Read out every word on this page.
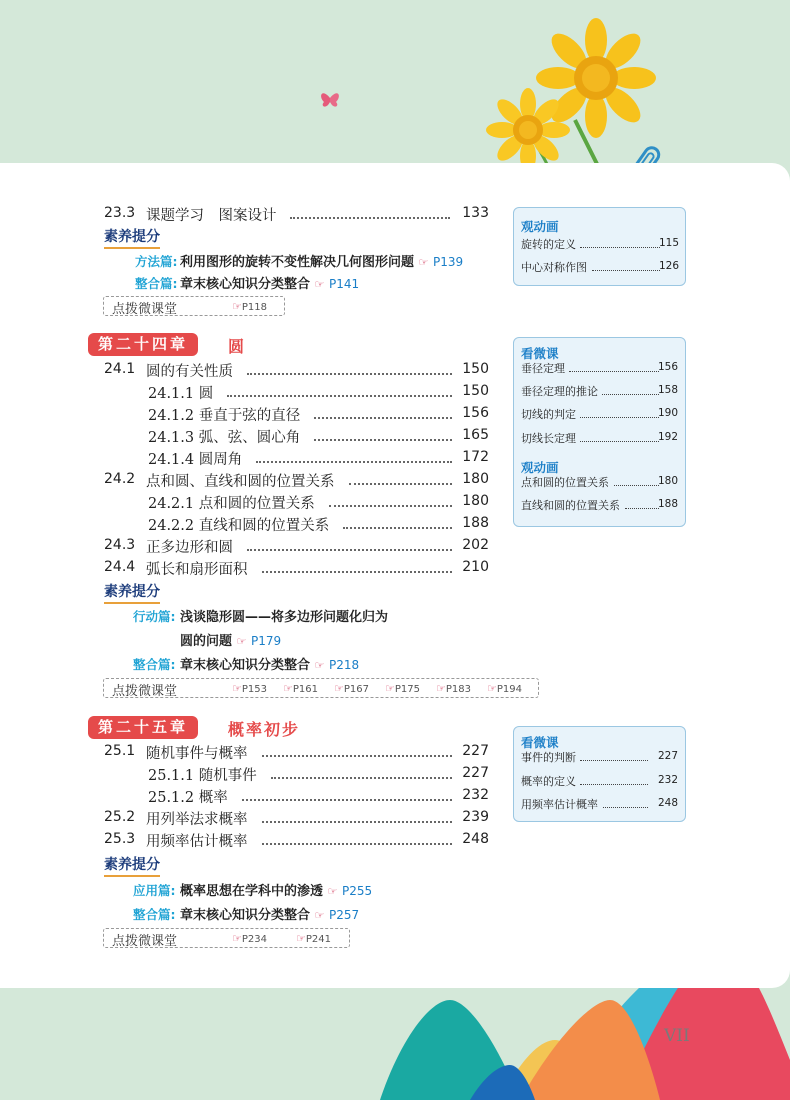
VII
23.3 课题学习　图案设计	133
素养提分
方法篇: 利用图形的旋转不变性解决几何图形问题 ☞ P139
整合篇: 章末核心知识分类整合 ☞ P141
点拨微课堂	☞P118
观动画
旋转的定义	115
中心对称作图	126
第二十四章	圆
24.1 圆的有关性质	150
24.1.1 圆	150
24.1.2 垂直于弦的直径	156
24.1.3 弧、弦、圆心角	165
24.1.4 圆周角	172
24.2 点和圆、直线和圆的位置关系	180
24.2.1 点和圆的位置关系	180
24.2.2 直线和圆的位置关系	188
24.3 正多边形和圆	202
24.4 弧长和扇形面积	210
素养提分
行动篇: 浅谈隐形圆——将多边形问题化归为
圆的问题 ☞ P179
整合篇: 章末核心知识分类整合 ☞ P218
点拨微课堂	☞P153 ☞P161 ☞P167 ☞P175 ☞P183 ☞P194
看微课
垂径定理	156
垂径定理的推论	158
切线的判定	190
切线长定理	192
观动画
点和圆的位置关系	180
直线和圆的位置关系	188
第二十五章	概率初步
25.1 随机事件与概率	227
25.1.1 随机事件	227
25.1.2 概率	232
25.2 用列举法求概率	239
25.3 用频率估计概率	248
素养提分
应用篇: 概率思想在学科中的渗透 ☞ P255
整合篇: 章末核心知识分类整合 ☞ P257
点拨微课堂	☞P234	☞P241
看微课
事件的判断	227
概率的定义	232
用频率估计概率	248
